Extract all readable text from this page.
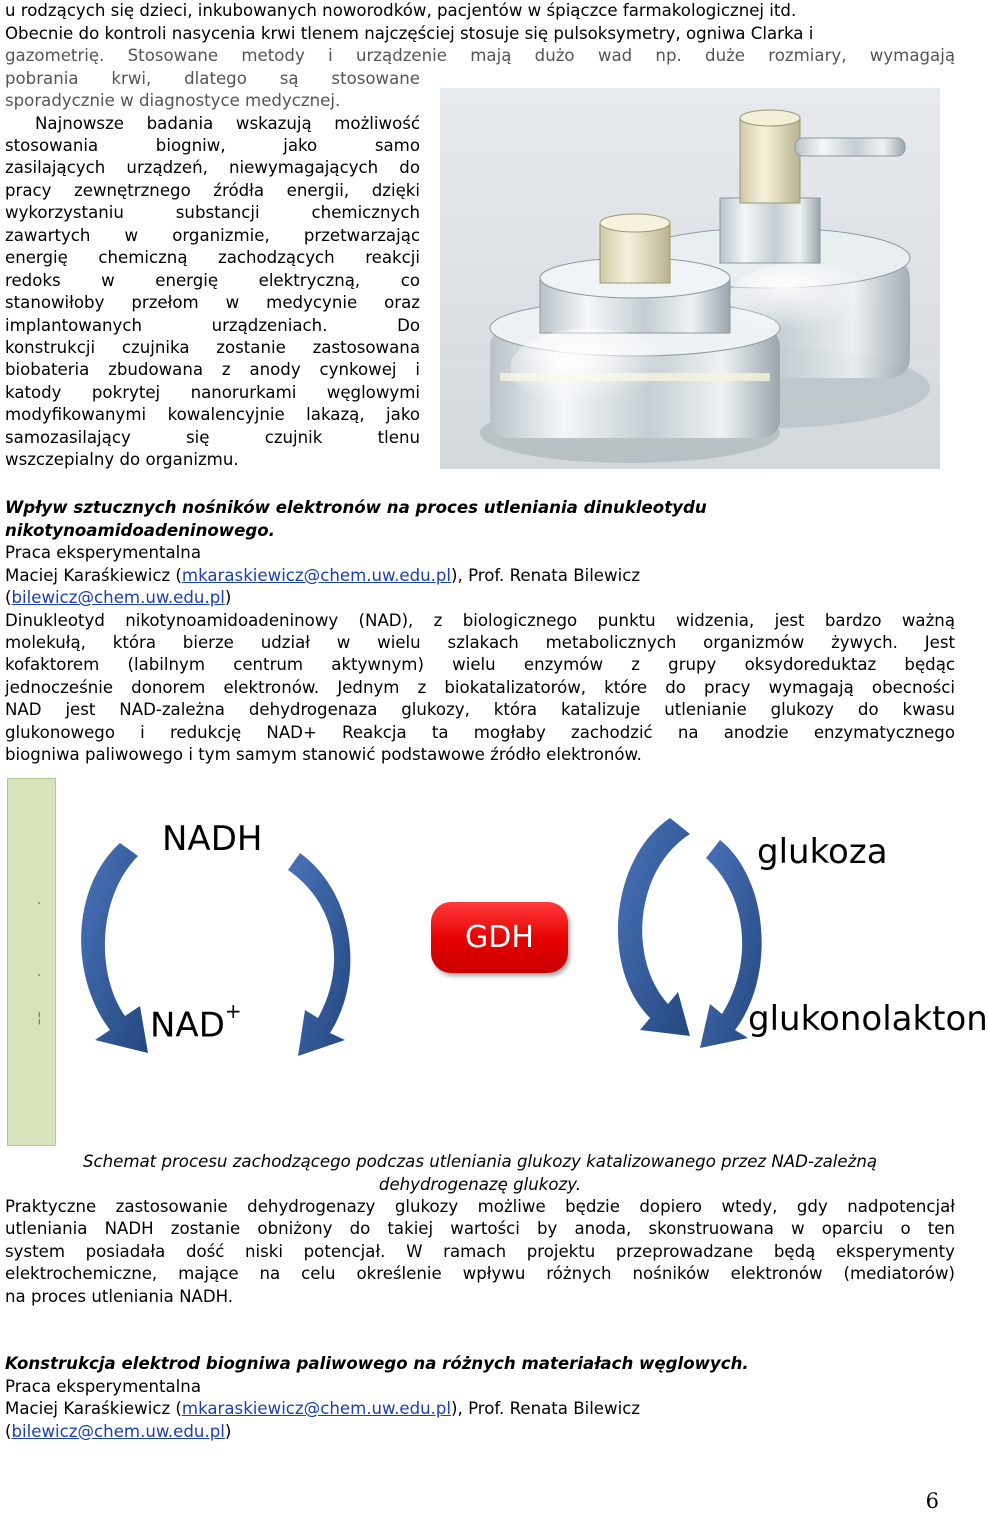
u rodzących się dzieci, inkubowanych noworodków, pacjentów w śpiączce farmakologicznej itd.

Obecnie do kontroli nasycenia krwi tlenem najczęściej stosuje się pulsoksymetry, ogniwa Clarka i

gazometrię. Stosowane metody i urządzenie mają dużo wad np. duże rozmiary, wymagają

pobrania krwi, dlatego są stosowane

sporadycznie w diagnostyce medycznej.

Najnowsze badania wskazują możliwość

stosowania biogniw, jako samo

zasilających urządzeń, niewymagających do

pracy zewnętrznego źródła energii, dzięki

wykorzystaniu substancji chemicznych

zawartych w organizmie, przetwarzając

energię chemiczną zachodzących reakcji

redoks w energię elektryczną, co

stanowiłoby przełom w medycynie oraz

implantowanych urządzeniach. Do

konstrukcji czujnika zostanie zastosowana

biobateria zbudowana z anody cynkowej i

katody pokrytej nanorurkami węglowymi

modyfikowanymi kowalencyjnie lakazą, jako

samozasilający się czujnik tlenu

wszczepialny do organizmu.

Wpływ sztucznych nośników elektronów na proces utleniania dinukleotydu

nikotynoamidoadeninowego.

Praca eksperymentalna

Maciej Karaśkiewicz (mkaraskiewicz@chem.uw.edu.pl), Prof. Renata Bilewicz

(bilewicz@chem.uw.edu.pl)

Dinukleotyd nikotynoamidoadeninowy (NAD), z biologicznego punktu widzenia, jest bardzo ważną

molekułą, która bierze udział w wielu szlakach metabolicznych organizmów żywych. Jest

kofaktorem (labilnym centrum aktywnym) wielu enzymów z grupy oksydoreduktaz będąc

jednocześnie donorem elektronów. Jednym z biokatalizatorów, które do pracy wymagają obecności

NAD jest NAD-zależna dehydrogenaza glukozy, która katalizuje utlenianie glukozy do kwasu

glukonowego i redukcję NAD+ Reakcja ta mogłaby zachodzić na anodzie enzymatycznego

biogniwa paliwowego i tym samym stanowić podstawowe źródło elektronów.

·
·
¦
NADH	glukoza
GDH
NAD+	glukonolakton

Schemat procesu zachodzącego podczas utleniania glukozy katalizowanego przez NAD-zależną

dehydrogenazę glukozy.

Praktyczne zastosowanie dehydrogenazy glukozy możliwe będzie dopiero wtedy, gdy nadpotencjał

utleniania NADH zostanie obniżony do takiej wartości by anoda, skonstruowana w oparciu o ten

system posiadała dość niski potencjał. W ramach projektu przeprowadzane będą eksperymenty

elektrochemiczne, mające na celu określenie wpływu różnych nośników elektronów (mediatorów)

na proces utleniania NADH.

Konstrukcja elektrod biogniwa paliwowego na różnych materiałach węglowych.

Praca eksperymentalna

Maciej Karaśkiewicz (mkaraskiewicz@chem.uw.edu.pl), Prof. Renata Bilewicz

(bilewicz@chem.uw.edu.pl)

6
